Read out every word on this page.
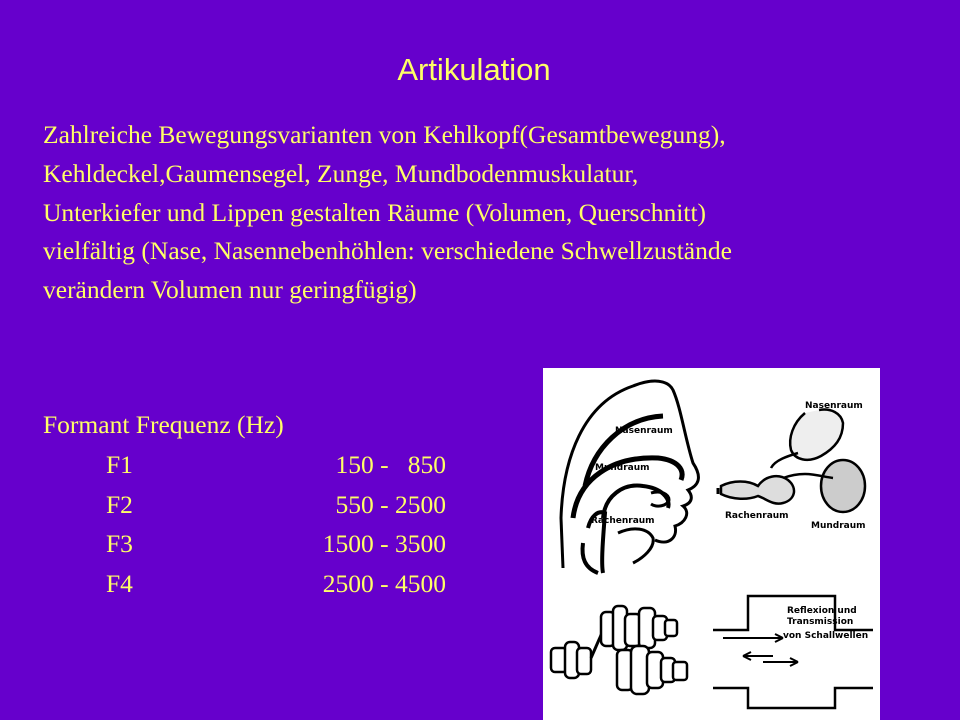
Artikulation
Zahlreiche Bewegungsvarianten von Kehlkopf(Gesamtbewegung),
Kehldeckel,Gaumensegel, Zunge, Mundbodenmuskulatur,
Unterkiefer und Lippen gestalten Räume (Volumen, Querschnitt)
vielfältig (Nase, Nasennebenhöhlen: verschiedene Schwellzustände
verändern Volumen nur geringfügig)
Formant Frequenz (Hz)
F1	150 -   850
F2	550 - 2500
F3	1500 - 3500
F4	2500 - 4500
Nasenraum
Mundraum
Rachenraum
Nasenraum
Rachenraum
Mundraum
Reflexion und
Transmission
von Schallwellen
